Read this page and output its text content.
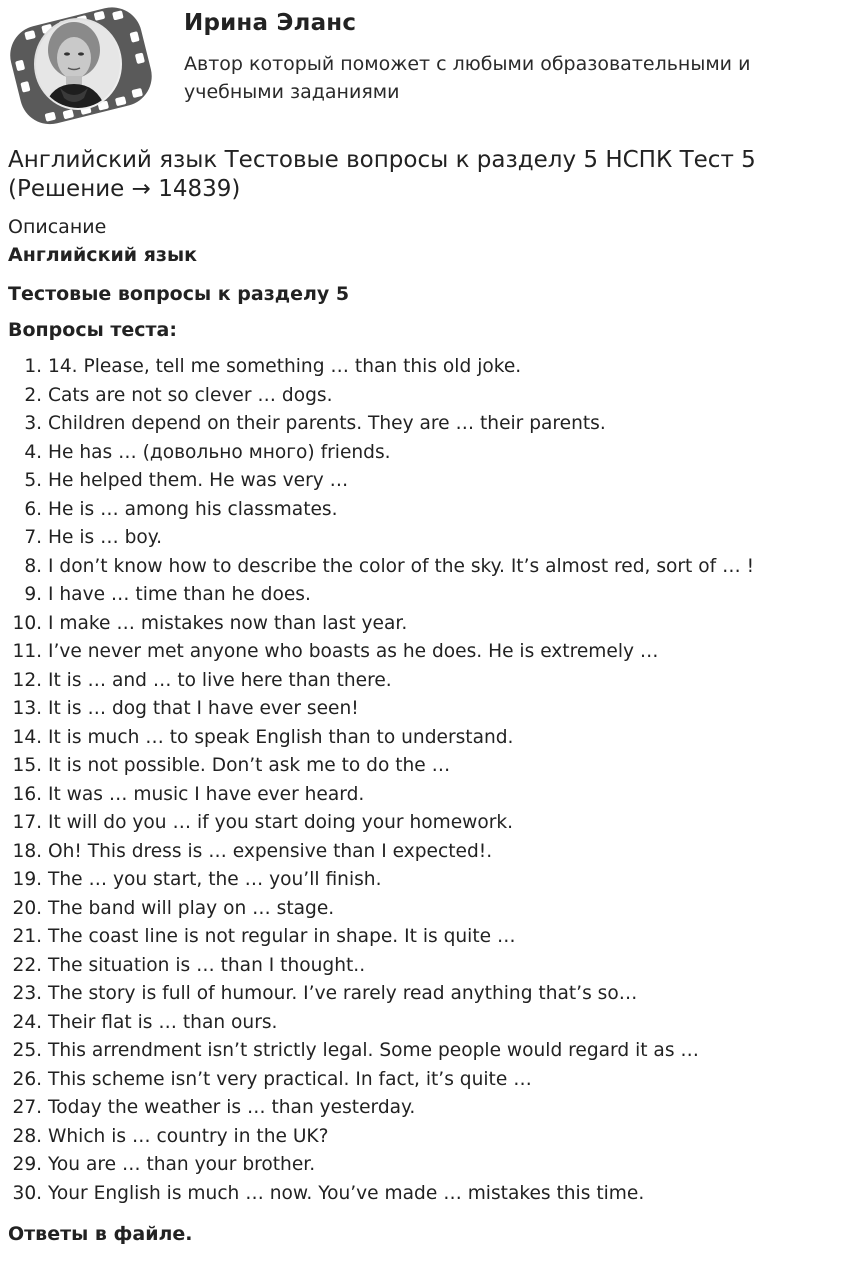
Ирина Эланс
Автор который поможет с любыми образовательными и учебными заданиями
Английский язык Тестовые вопросы к разделу 5 НСПК Тест 5 (Решение → 14839)
Описание
Английский язык
Тестовые вопросы к разделу 5
Вопросы теста:
1. 14. Please, tell me something … than this old joke.
2. Cats are not so clever … dogs.
3. Children depend on their parents. They are … their parents.
4. He has … (довольно много) friends.
5. He helped them. He was very …
6. He is … among his classmates.
7. He is … boy.
8. I don’t know how to describe the color of the sky. It’s almost red, sort of … !
9. I have … time than he does.
10. I make … mistakes now than last year.
11. I’ve never met anyone who boasts as he does. He is extremely …
12. It is … and … to live here than there.
13. It is … dog that I have ever seen!
14. It is much … to speak English than to understand.
15. It is not possible. Don’t ask me to do the …
16. It was … music I have ever heard.
17. It will do you … if you start doing your homework.
18. Oh! This dress is … expensive than I expected!.
19. The … you start, the … you’ll finish.
20. The band will play on … stage.
21. The coast line is not regular in shape. It is quite …
22. The situation is … than I thought..
23. The story is full of humour. I’ve rarely read anything that’s so…
24. Their flat is … than ours.
25. This arrendment isn’t strictly legal. Some people would regard it as …
26. This scheme isn’t very practical. In fact, it’s quite …
27. Today the weather is … than yesterday.
28. Which is … country in the UK?
29. You are … than your brother.
30. Your English is much … now. You’ve made … mistakes this time.
Ответы в файле.
